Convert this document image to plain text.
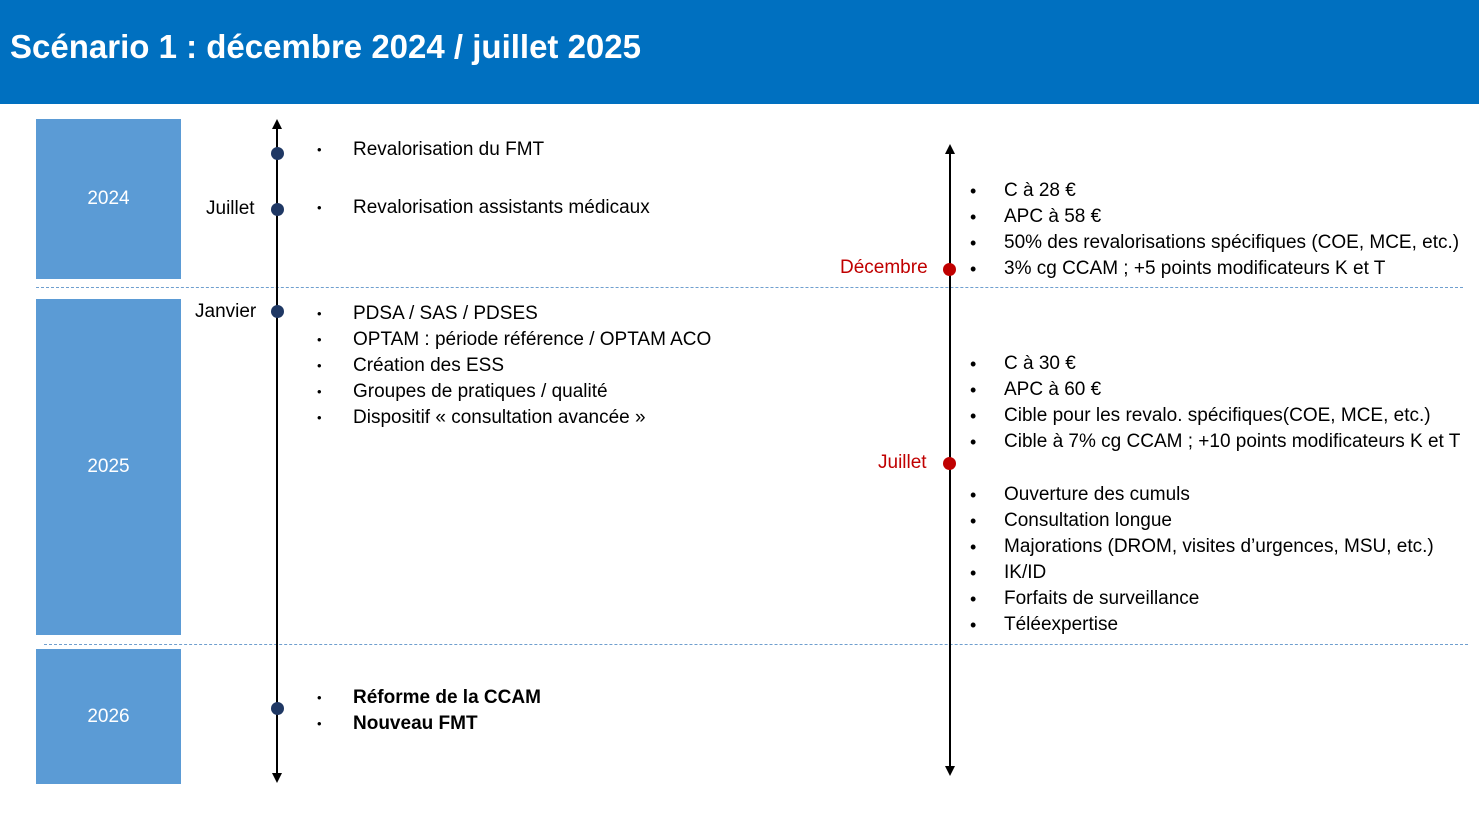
Scénario 1 : décembre 2024 / juillet 2025
2024
2025
2026
Juillet
Janvier
• Revalorisation du FMT
• Revalorisation assistants médicaux
• PDSA / SAS / PDSES
• OPTAM : période référence / OPTAM ACO
• Création des ESS
• Groupes de pratiques / qualité
• Dispositif « consultation avancée »
• Réforme de la CCAM
• Nouveau FMT
Décembre
Juillet
• C à 28 €
• APC à 58 €
• 50% des revalorisations spécifiques (COE, MCE, etc.)
• 3% cg CCAM ; +5 points modificateurs K et T
• C à 30 €
• APC à 60 €
• Cible pour les revalo. spécifiques(COE, MCE, etc.)
• Cible à 7% cg CCAM ; +10 points modificateurs K et T
• Ouverture des cumuls
• Consultation longue
• Majorations (DROM, visites d’urgences, MSU, etc.)
• IK/ID
• Forfaits de surveillance
• Téléexpertise
